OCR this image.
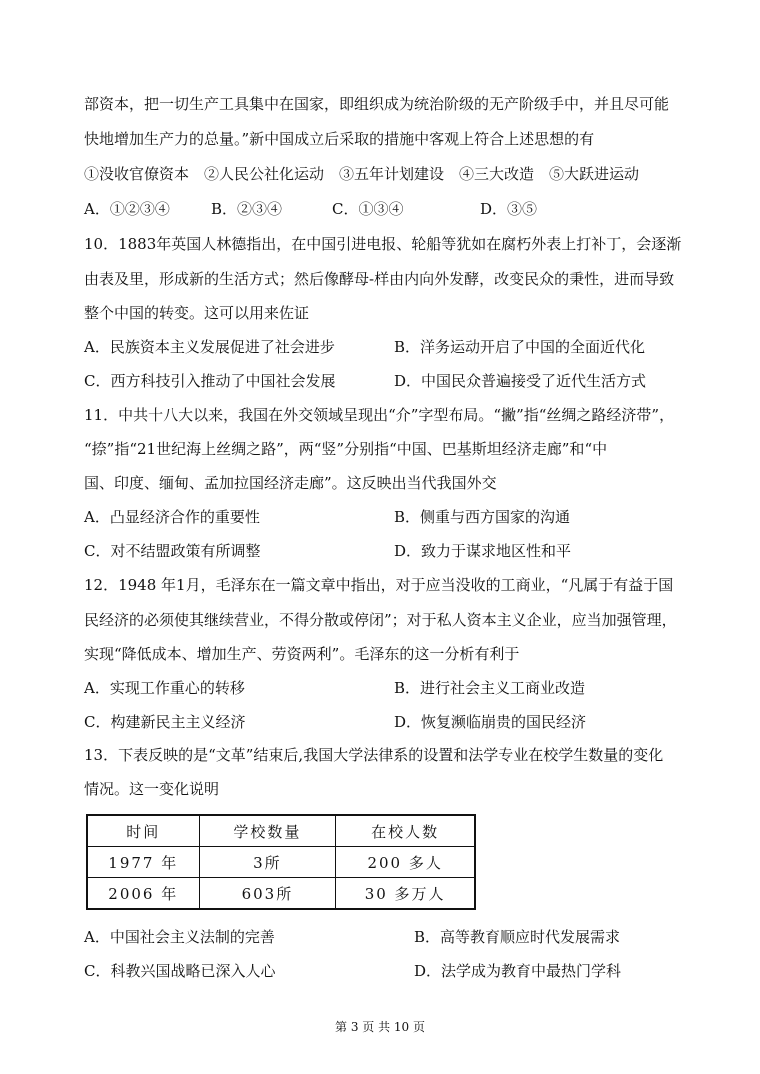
部资本，把一切生产工具集中在国家，即组织成为统治阶级的无产阶级手中，并且尽可能
快地增加生产力的总量。”新中国成立后采取的措施中客观上符合上述思想的有
①没收官僚资本　②人民公社化运动　③五年计划建设　④三大改造　⑤大跃进运动
A．①②③④	B．②③④	C．①③④	D．③⑤
10．1883年英国人林德指出，在中国引进电报、轮船等犹如在腐朽外表上打补丁，会逐渐
由表及里，形成新的生活方式；然后像酵母-样由内向外发酵，改变民众的秉性，进而导致
整个中国的转变。这可以用来佐证
A．民族资本主义发展促进了社会进步	B．洋务运动开启了中国的全面近代化
C．西方科技引入推动了中国社会发展	D．中国民众普遍接受了近代生活方式
11．中共十八大以来，我国在外交领域呈现出“介”字型布局。“撇”指“丝绸之路经济带”，
“捺”指“21世纪海上丝绸之路”，两“竖”分别指“中国、巴基斯坦经济走廊”和“中
国、印度、缅甸、孟加拉国经济走廊”。这反映出当代我国外交
A．凸显经济合作的重要性	B．侧重与西方国家的沟通
C．对不结盟政策有所调整	D．致力于谋求地区性和平
12．1948 年1月，毛泽东在一篇文章中指出，对于应当没收的工商业，“凡属于有益于国
民经济的必须使其继续营业，不得分散或停闭”；对于私人资本主义企业，应当加强管理，
实现“降低成本、增加生产、劳资两利”。毛泽东的这一分析有利于
A．实现工作重心的转移	B．进行社会主义工商业改造
C．构建新民主主义经济	D．恢复濒临崩贵的国民经济
13．下表反映的是“文革”结束后,我国大学法律系的设置和法学专业在校学生数量的变化
情况。这一变化说明
时间	学校数量	在校人数
1977 年	3所	200 多人
2006 年	603所	30 多万人
A．中国社会主义法制的完善	B．高等教育顺应时代发展需求
C．科教兴国战略已深入人心	D．法学成为教育中最热门学科
第 3 页 共 10 页
